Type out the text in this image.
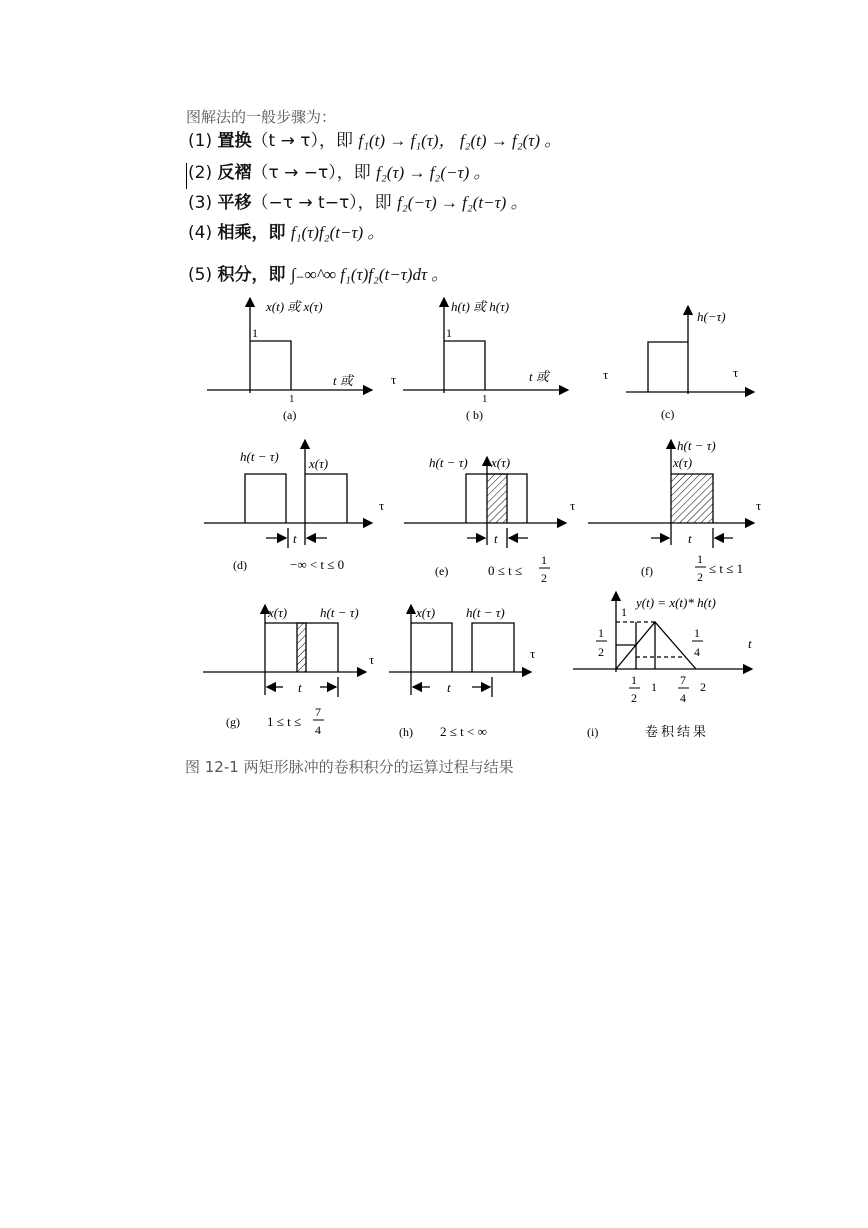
图解法的一般步骤为：
(1) 置换（t → τ），即 f₁(t) → f₁(τ)， f₂(t) → f₂(τ) 。
(2) 反褶（τ → −τ），即 f₂(τ) → f₂(−τ) 。
(3) 平移（−τ → t−τ），即 f₂(−τ) → f₂(t−τ) 。
(4) 相乘，即 f₁(τ)f₂(t−τ) 。
(5) 积分，即 ∫₋∞^∞ f₁(τ)f₂(t−τ)dτ 。
x(t) 或 x(τ)
1
t 或
1
(a)
τ
h(t) 或 h(τ)
1
t 或
1
( b)
h(−τ)
τ	τ
(c)
h(t − τ) x(τ)
τ
t
(d)	−∞ < t ≤ 0
h(t − τ) x(τ)
τ
t
(e)	0 ≤ t ≤
1
2
h(t − τ)
x(τ)
τ
t
(f)
1
2
≤ t ≤ 1
x(τ)	h(t − τ)
τ
t
(g) 1 ≤ t ≤
7
4
x(τ) h(t − τ)
τ
t
(h) 2 ≤ t < ∞
y(t) = x(t)* h(t)
1
1
2
1
4
t
1
2
1 7
4
2
(i)	卷积结果
图 12-1 两矩形脉冲的卷积积分的运算过程与结果
